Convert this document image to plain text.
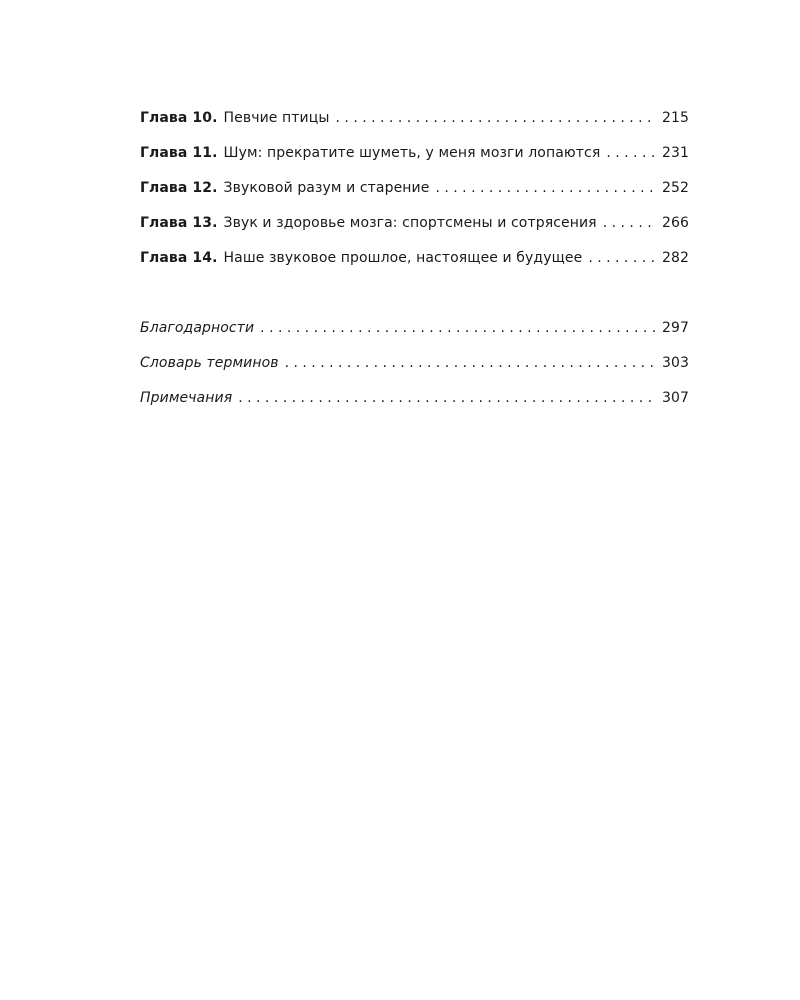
Глава 10. Певчие птицы . . .	215
Глава 11. Шум: прекратите шуметь, у меня мозги лопаются . . .	231
Глава 12. Звуковой разум и старение . . .	252
Глава 13. Звук и здоровье мозга: спортсмены и сотрясения . . .	266
Глава 14. Наше звуковое прошлое, настоящее и будущее . . .	282
Благодарности . . .	297
Словарь терминов . . .	303
Примечания . . .	307
